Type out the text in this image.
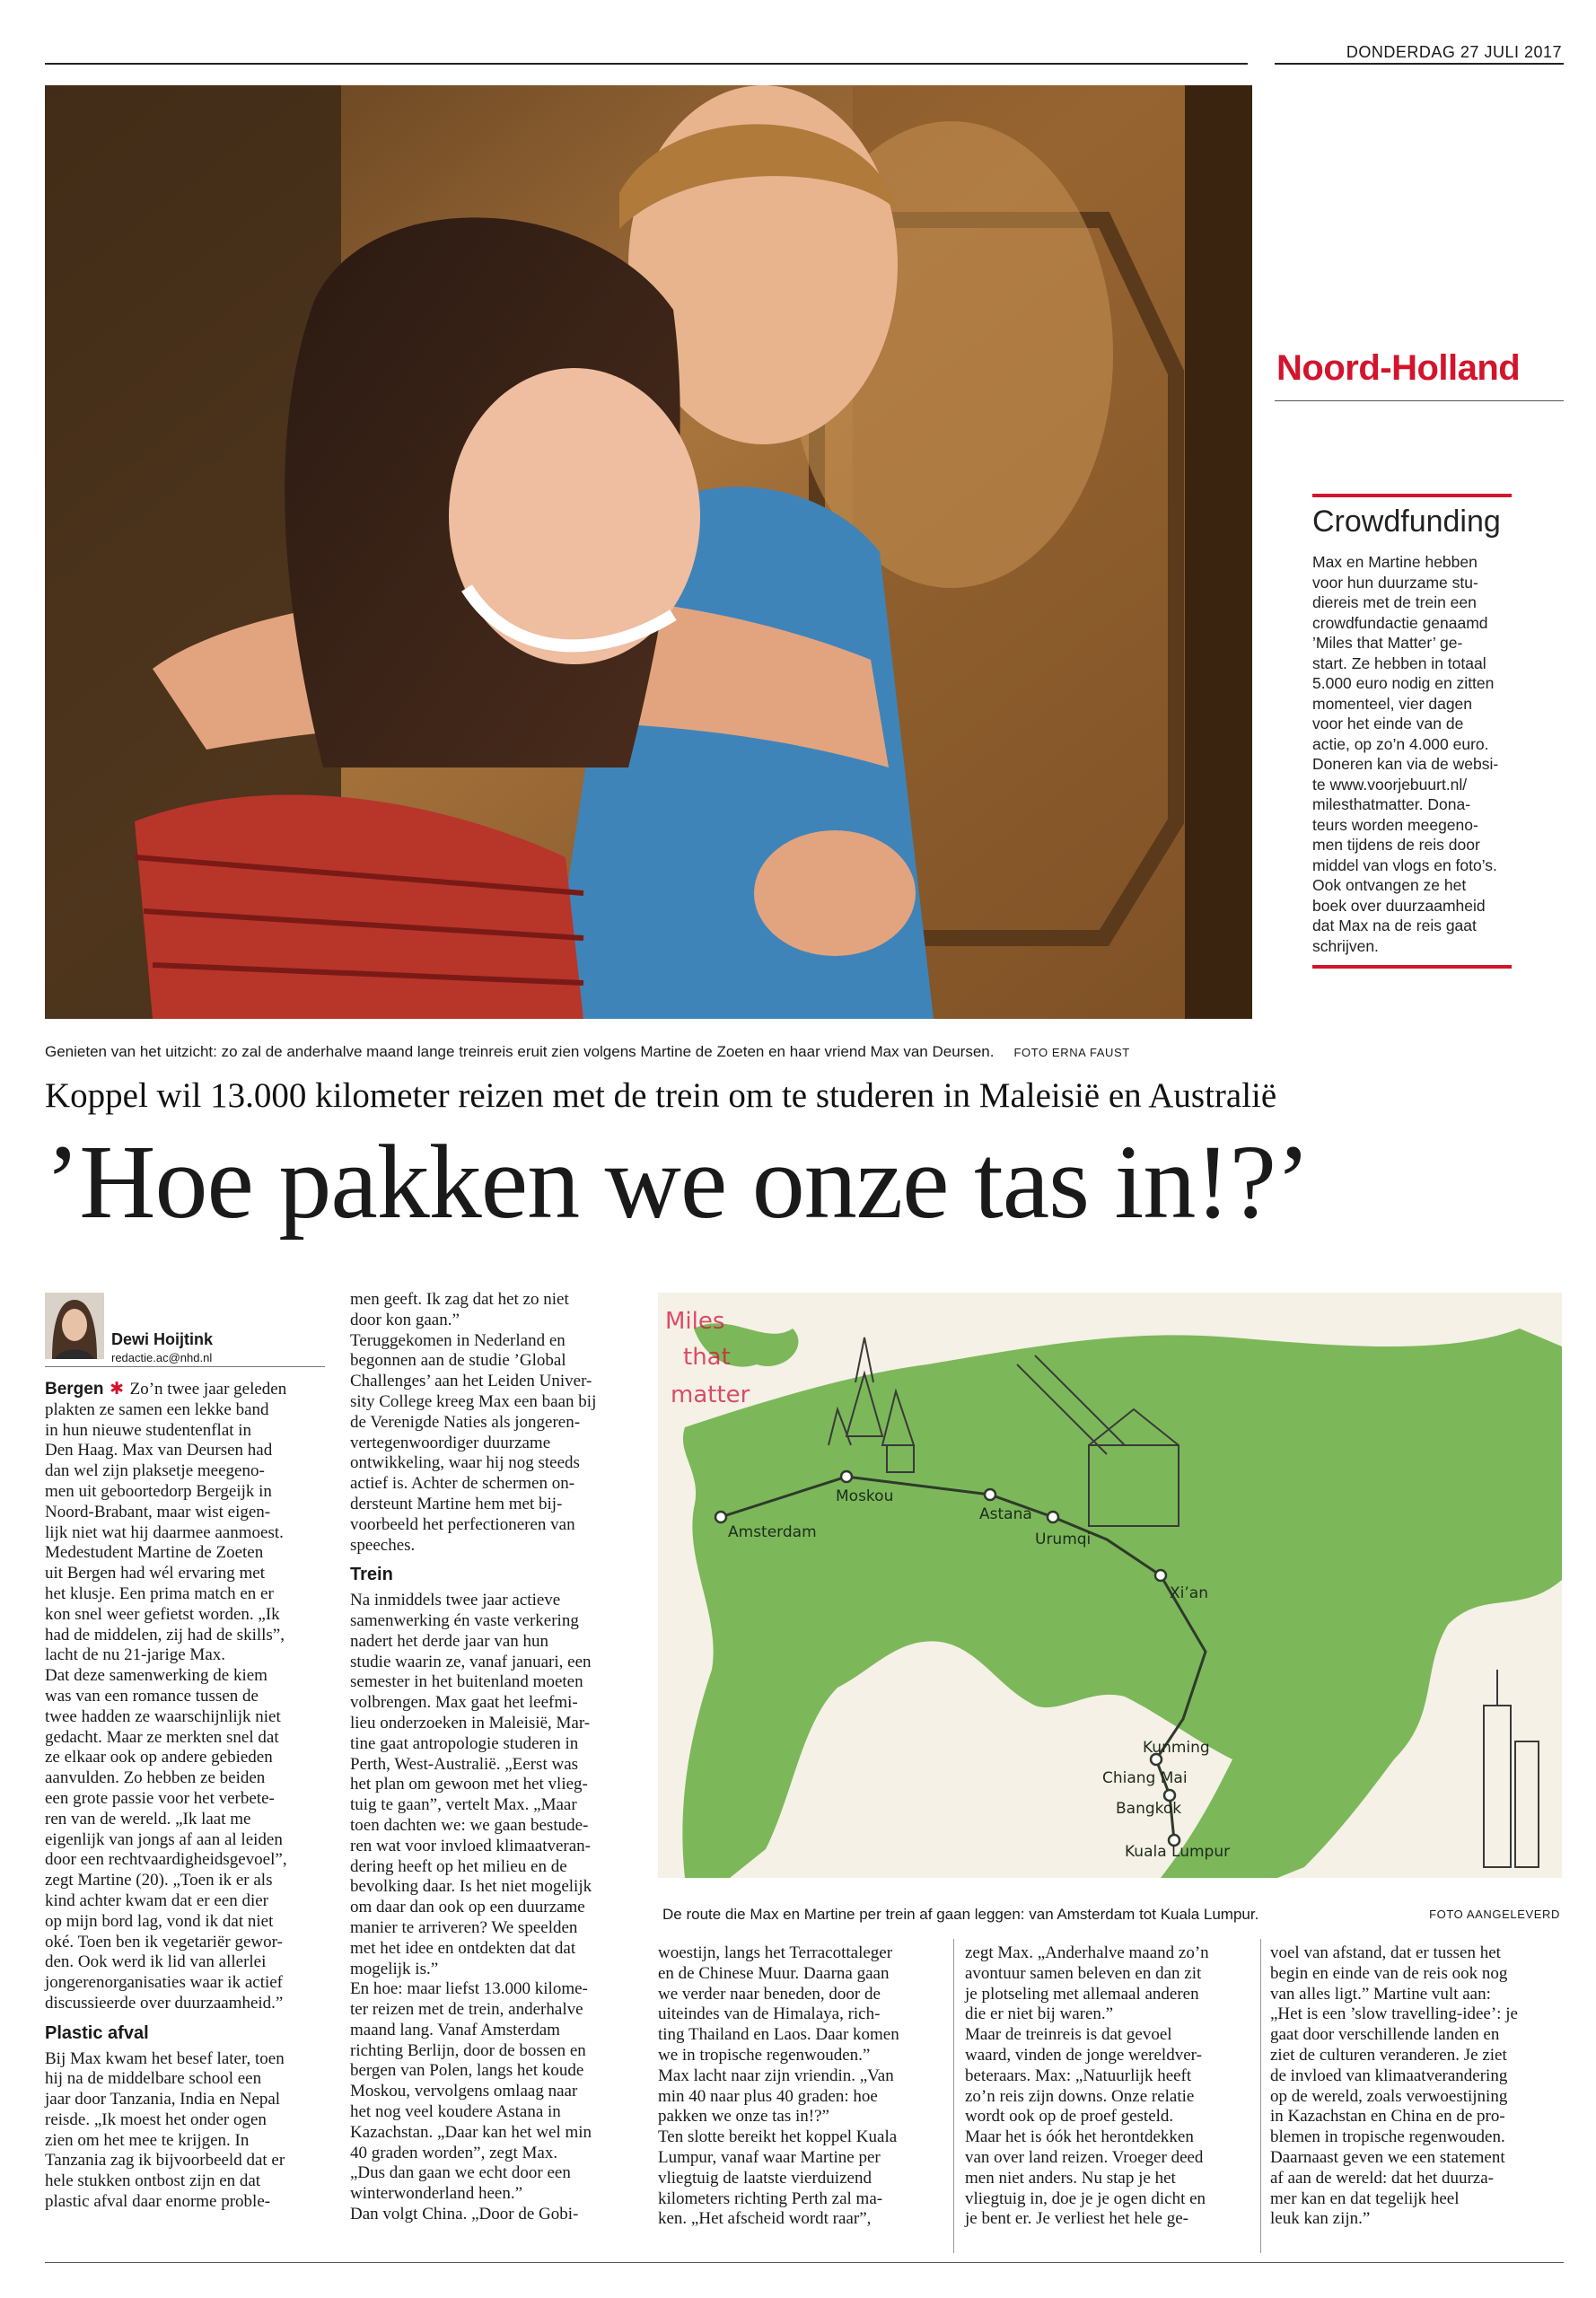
DONDERDAG 27 JULI 2017
Noord-Holland
Crowdfunding
Max en Martine hebben
voor hun duurzame stu-
diereis met de trein een
crowdfundactie genaamd
’Miles that Matter’ ge-
start. Ze hebben in totaal
5.000 euro nodig en zitten
momenteel, vier dagen
voor het einde van de
actie, op zo’n 4.000 euro.
Doneren kan via de websi-
te www.voorjebuurt.nl/
milesthatmatter. Dona-
teurs worden meegeno-
men tijdens de reis door
middel van vlogs en foto’s.
Ook ontvangen ze het
boek over duurzaamheid
dat Max na de reis gaat
schrijven.
Genieten van het uitzicht: zo zal de anderhalve maand lange treinreis eruit zien volgens Martine de Zoeten en haar vriend Max van Deursen. FOTO ERNA FAUST
Koppel wil 13.000 kilometer reizen met de trein om te studeren in Maleisië en Australië
’Hoe pakken we onze tas in!?’
Dewi Hoijtink
redactie.ac@nhd.nl

Bergen ✱ Zo’n twee jaar geleden
plakten ze samen een lekke band
in hun nieuwe studentenflat in
Den Haag. Max van Deursen had
dan wel zijn plaksetje meegeno-
men uit geboortedorp Bergeijk in
Noord-Brabant, maar wist eigen-
lijk niet wat hij daarmee aanmoest.
Medestudent Martine de Zoeten
uit Bergen had wél ervaring met
het klusje. Een prima match en er
kon snel weer gefietst worden. „Ik
had de middelen, zij had de skills”,
lacht de nu 21-jarige Max.
Dat deze samenwerking de kiem
was van een romance tussen de
twee hadden ze waarschijnlijk niet
gedacht. Maar ze merkten snel dat
ze elkaar ook op andere gebieden
aanvulden. Zo hebben ze beiden
een grote passie voor het verbete-
ren van de wereld. „Ik laat me
eigenlijk van jongs af aan al leiden
door een rechtvaardigheidsgevoel”,
zegt Martine (20). „Toen ik er als
kind achter kwam dat er een dier
op mijn bord lag, vond ik dat niet
oké. Toen ben ik vegetariër gewor-
den. Ook werd ik lid van allerlei
jongerenorganisaties waar ik actief
discussieerde over duurzaamheid.”

Plastic afval

Bij Max kwam het besef later, toen
hij na de middelbare school een
jaar door Tanzania, India en Nepal
reisde. „Ik moest het onder ogen
zien om het mee te krijgen. In
Tanzania zag ik bijvoorbeeld dat er
hele stukken ontbost zijn en dat
plastic afval daar enorme proble-

men geeft. Ik zag dat het zo niet
door kon gaan.”
Teruggekomen in Nederland en
begonnen aan de studie ’Global
Challenges’ aan het Leiden Univer-
sity College kreeg Max een baan bij
de Verenigde Naties als jongeren-
vertegenwoordiger duurzame
ontwikkeling, waar hij nog steeds
actief is. Achter de schermen on-
dersteunt Martine hem met bij-
voorbeeld het perfectioneren van
speeches.

Trein

Na inmiddels twee jaar actieve
samenwerking én vaste verkering
nadert het derde jaar van hun
studie waarin ze, vanaf januari, een
semester in het buitenland moeten
volbrengen. Max gaat het leefmi-
lieu onderzoeken in Maleisië, Mar-
tine gaat antropologie studeren in
Perth, West-Australië. „Eerst was
het plan om gewoon met het vlieg-
tuig te gaan”, vertelt Max. „Maar
toen dachten we: we gaan bestude-
ren wat voor invloed klimaatveran-
dering heeft op het milieu en de
bevolking daar. Is het niet mogelijk
om daar dan ook op een duurzame
manier te arriveren? We speelden
met het idee en ontdekten dat dat
mogelijk is.”
En hoe: maar liefst 13.000 kilome-
ter reizen met de trein, anderhalve
maand lang. Vanaf Amsterdam
richting Berlijn, door de bossen en
bergen van Polen, langs het koude
Moskou, vervolgens omlaag naar
het nog veel koudere Astana in
Kazachstan. „Daar kan het wel min
40 graden worden”, zegt Max.
„Dus dan gaan we echt door een
winterwonderland heen.”
Dan volgt China. „Door de Gobi-

Miles
that
matter
Amsterdam
Moskou
Astana
Urumqi
Xi’an
Kunming
Chiang Mai
Bangkok
Kuala Lumpur
De route die Max en Martine per trein af gaan leggen: van Amsterdam tot Kuala Lumpur.	FOTO AANGELEVERD

woestijn, langs het Terracottaleger
en de Chinese Muur. Daarna gaan
we verder naar beneden, door de
uiteindes van de Himalaya, rich-
ting Thailand en Laos. Daar komen
we in tropische regenwouden.”
Max lacht naar zijn vriendin. „Van
min 40 naar plus 40 graden: hoe
pakken we onze tas in!?”
Ten slotte bereikt het koppel Kuala
Lumpur, vanaf waar Martine per
vliegtuig de laatste vierduizend
kilometers richting Perth zal ma-
ken. „Het afscheid wordt raar”,

zegt Max. „Anderhalve maand zo’n
avontuur samen beleven en dan zit
je plotseling met allemaal anderen
die er niet bij waren.”
Maar de treinreis is dat gevoel
waard, vinden de jonge wereldver-
beteraars. Max: „Natuurlijk heeft
zo’n reis zijn downs. Onze relatie
wordt ook op de proef gesteld.
Maar het is óók het herontdekken
van over land reizen. Vroeger deed
men niet anders. Nu stap je het
vliegtuig in, doe je je ogen dicht en
je bent er. Je verliest het hele ge-

voel van afstand, dat er tussen het
begin en einde van de reis ook nog
van alles ligt.” Martine vult aan:
„Het is een ’slow travelling-idee’: je
gaat door verschillende landen en
ziet de culturen veranderen. Je ziet
de invloed van klimaatverandering
op de wereld, zoals verwoestijning
in Kazachstan en China en de pro-
blemen in tropische regenwouden.
Daarnaast geven we een statement
af aan de wereld: dat het duurza-
mer kan en dat tegelijk heel
leuk kan zijn.”
